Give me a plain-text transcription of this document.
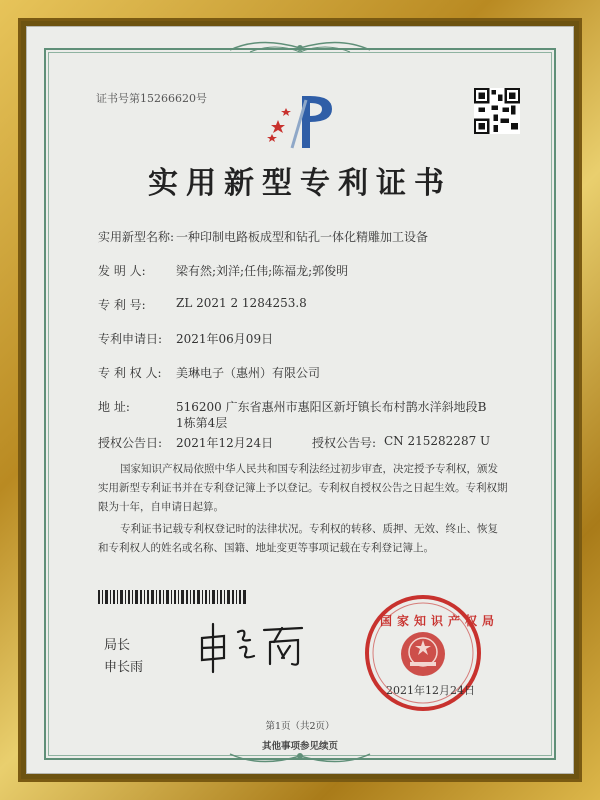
证书号第15266620号
实用新型专利证书
实用新型名称: 一种印制电路板成型和钻孔一体化精雕加工设备
发 明 人:	梁有然;刘洋;任伟;陈福龙;郭俊明
专 利 号:	ZL 2021 2 1284253.8
专利申请日: 2021年06月09日
专 利 权 人: 美琳电子（惠州）有限公司
地 址:	516200 广东省惠州市惠阳区新圩镇长布村鹊水洋斜地段B
1栋第4层
授权公告日: 2021年12月24日	授权公告号: CN 215282287 U
国家知识产权局依照中华人民共和国专利法经过初步审查，决定授予专利权，颁发实用新型专利证书并在专利登记簿上予以登记。专利权自授权公告之日起生效。专利权期限为十年，自申请日起算。
专利证书记载专利权登记时的法律状况。专利权的转移、质押、无效、终止、恢复和专利权人的姓名或名称、国籍、地址变更等事项记载在专利登记簿上。
局长
申长雨
国家知识产权局
2021年12月24日
第1页（共2页）
其他事项参见续页
